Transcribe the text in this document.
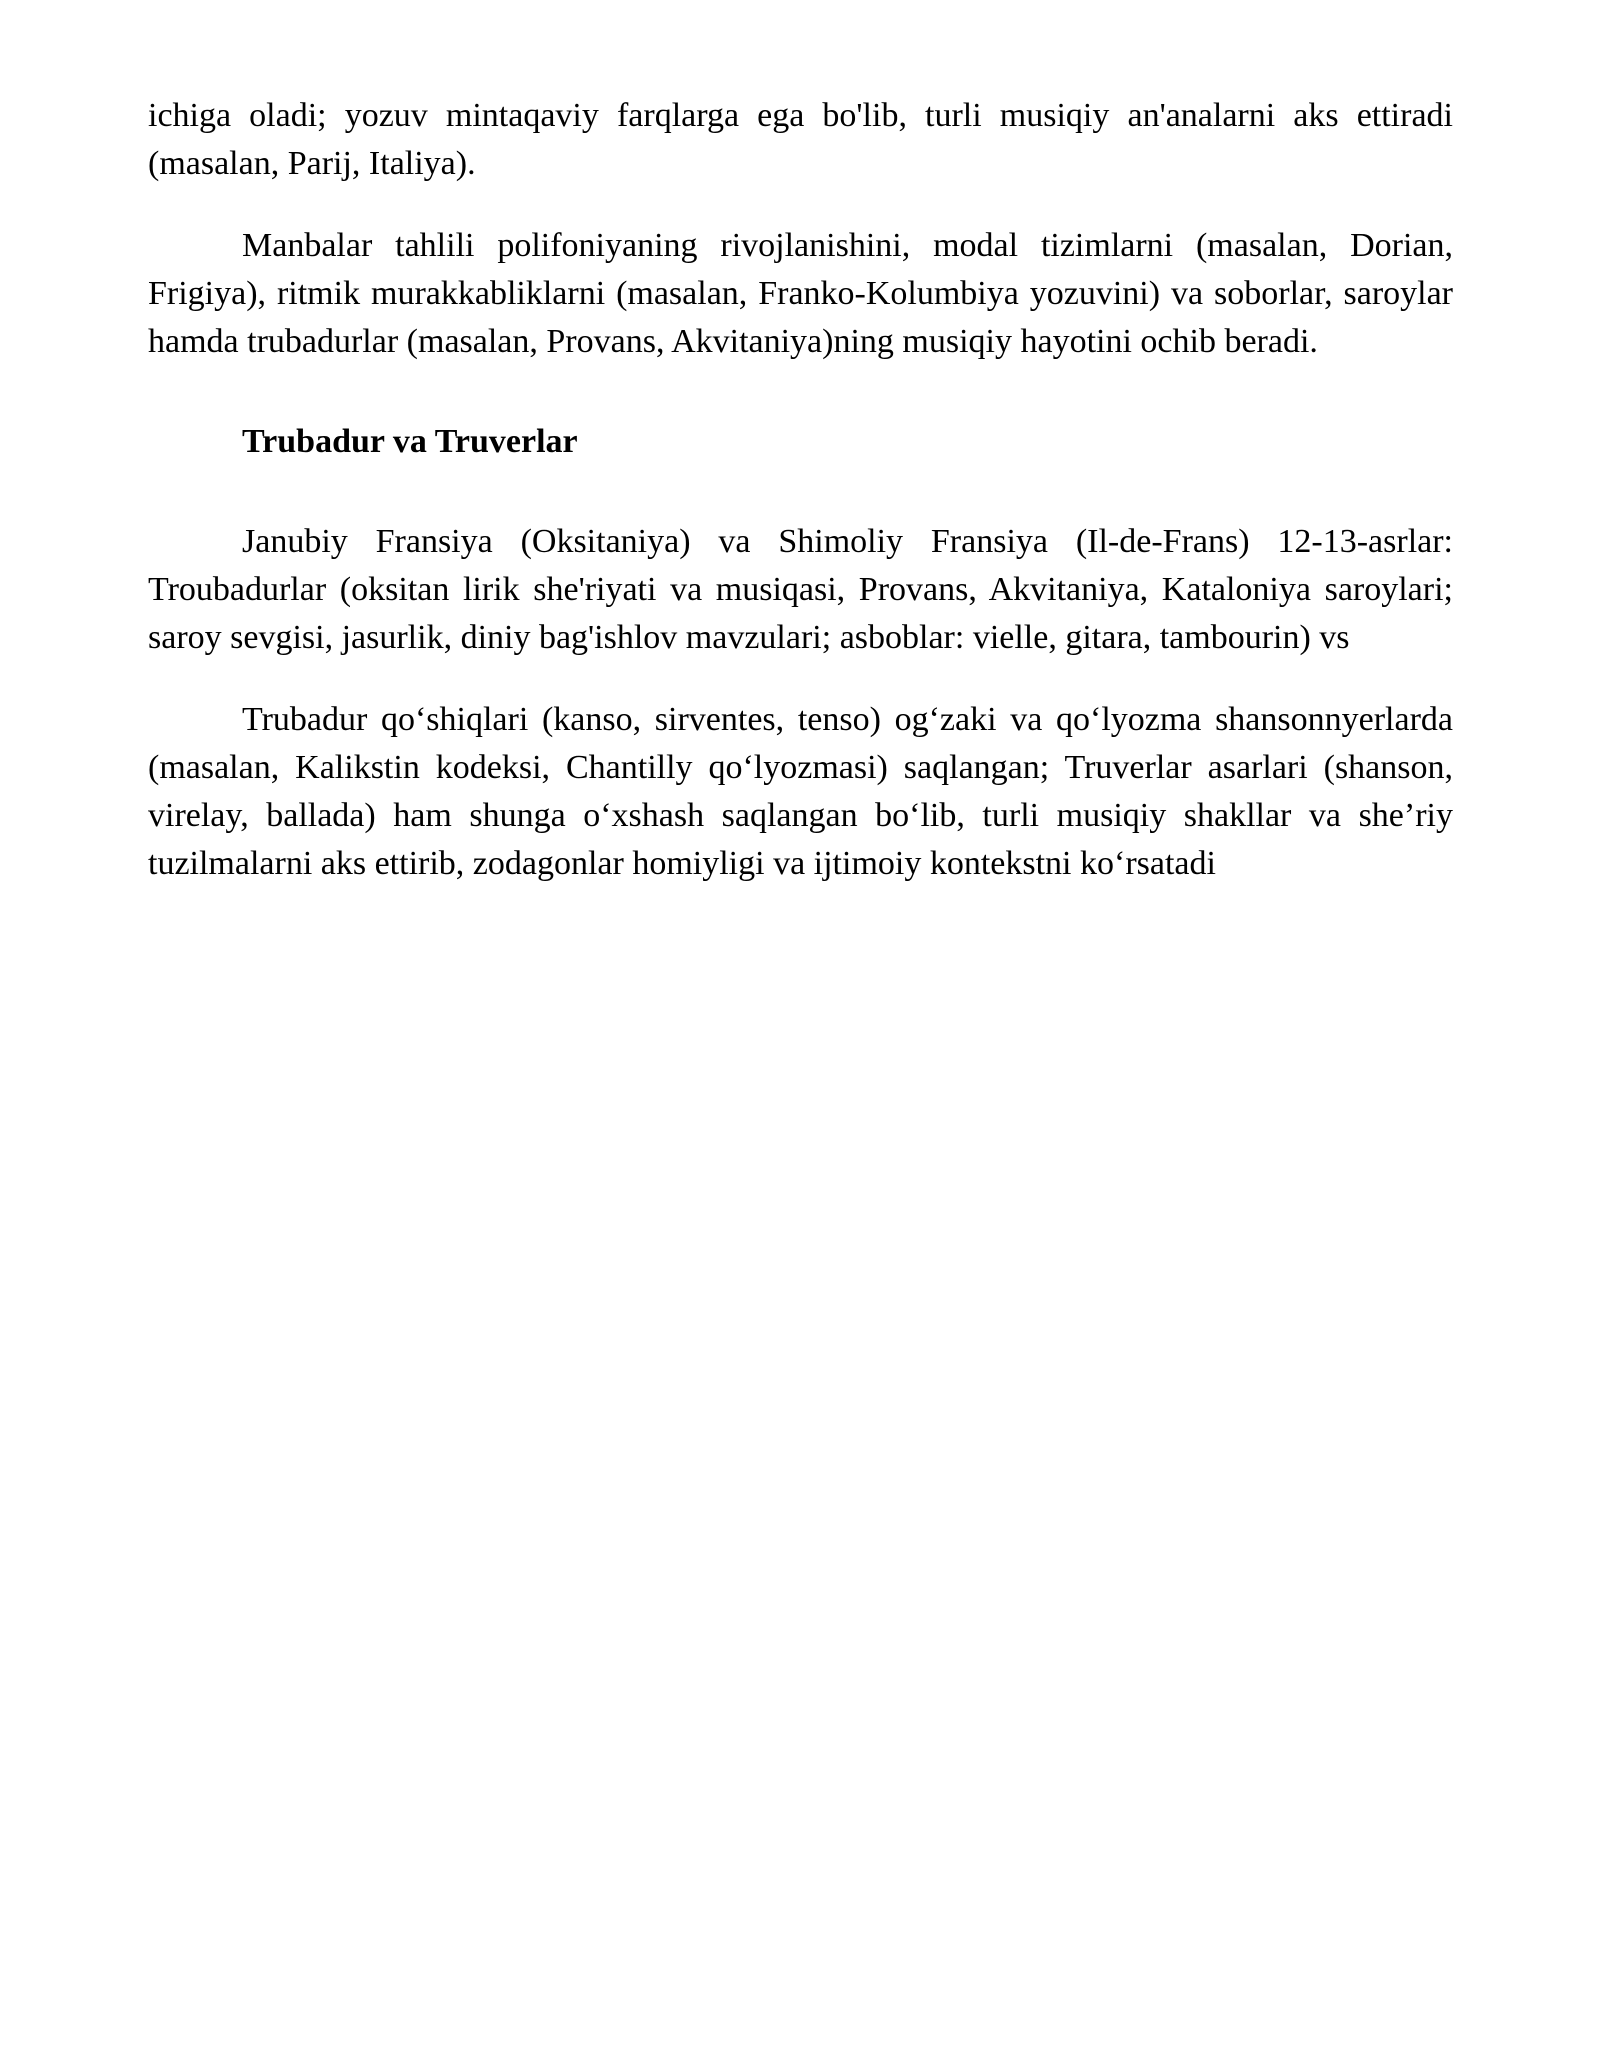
ichiga oladi; yozuv mintaqaviy farqlarga ega bo'lib, turli musiqiy an'analarni aks ettiradi (masalan, Parij, Italiya).

Manbalar tahlili polifoniyaning rivojlanishini, modal tizimlarni (masalan, Dorian, Frigiya), ritmik murakkabliklarni (masalan, Franko-Kolumbiya yozuvini) va soborlar, saroylar hamda trubadurlar (masalan, Provans, Akvitaniya)ning musiqiy hayotini ochib beradi.

Trubadur va Truverlar

Janubiy Fransiya (Oksitaniya) va Shimoliy Fransiya (Il-de-Frans) 12-13-asrlar: Troubadurlar (oksitan lirik she'riyati va musiqasi, Provans, Akvitaniya, Kataloniya saroylari; saroy sevgisi, jasurlik, diniy bag'ishlov mavzulari; asboblar: vielle, gitara, tambourin) vs

Trubadur qo‘shiqlari (kanso, sirventes, tenso) og‘zaki va qo‘lyozma shansonnyerlarda (masalan, Kalikstin kodeksi, Chantilly qo‘lyozmasi) saqlangan; Truverlar asarlari (shanson, virelay, ballada) ham shunga o‘xshash saqlangan bo‘lib, turli musiqiy shakllar va she’riy tuzilmalarni aks ettirib, zodagonlar homiyligi va ijtimoiy kontekstni ko‘rsatadi
